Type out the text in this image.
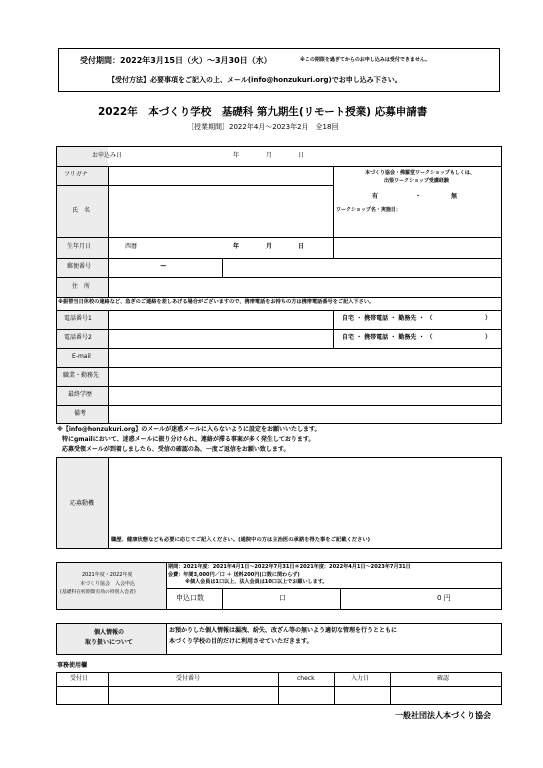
受付期間：2022年3月15日（火）〜3月30日（水）	※この期限を過ぎてからのお申し込みは受付できません。
【受付方法】必要事項をご記入の上、メール(info@honzukuri.org)でお申し込み下さい。
2022年　本づくり学校　基礎科 第九期生(リモート授業) 応募申請書
［授業期間］2022年4月〜2023年2月　全18回
お申込み日	年	月	日
フリガナ
氏　名
本づくり協会・佛羅堂ワークショップもしくは、
出張ワークショップ受講経験
有	・	無
ワークショップ名・実施日：
生年月日	西暦	年	月	日
郵便番号	ー
住　所
※振替当日休校の連絡など、急ぎのご連絡を差しあげる場合がございますので、携帯電話をお持ちの方は携帯電話番号をご記入下さい。
電話番号1	自宅 ・ 携帯電話 ・ 勤務先 ・ （	）
電話番号2	自宅 ・ 携帯電話 ・ 勤務先 ・ （	）
E-mail
職業・勤務先
最終学歴
備考
※【info@honzukuri.org】のメールが迷惑メールに入らないように設定をお願いいたします。
特にgmailにおいて、迷惑メールに振り分けられ、連絡が滞る事案が多く発生しております。
応募受領メールが到着しましたら、受信の確認の為、一度ご返信をお願い致します。
応募動機
職歴、健康状態なども必要に応じてご記入ください。(通院中の方は主治医の承諾を得た事をご記載ください)
2021年度・2022年度
本づくり協会　入会申込
(基礎科在校期間有効の特別入会者)
期間：2021年度：2021年4月1日〜2022年7月31日＊2021年度：2022年4月1日〜2023年7月31日
会費：年間3,000円／口 ＋ 送料200円(口数に関わらず)
※個人会員は1口以上、法人会員は10口以上でお願いします。
申込口数	口	0 円
個人情報の
取り扱いについて
お預かりした個人情報は漏洩、紛失、改ざん等の無いよう適切な管理を行うとともに
本づくり学校の目的だけに利用させていただきます。
事務使用欄
受付日	受付番号	check	入力日	確認
一般社団法人本づくり協会
